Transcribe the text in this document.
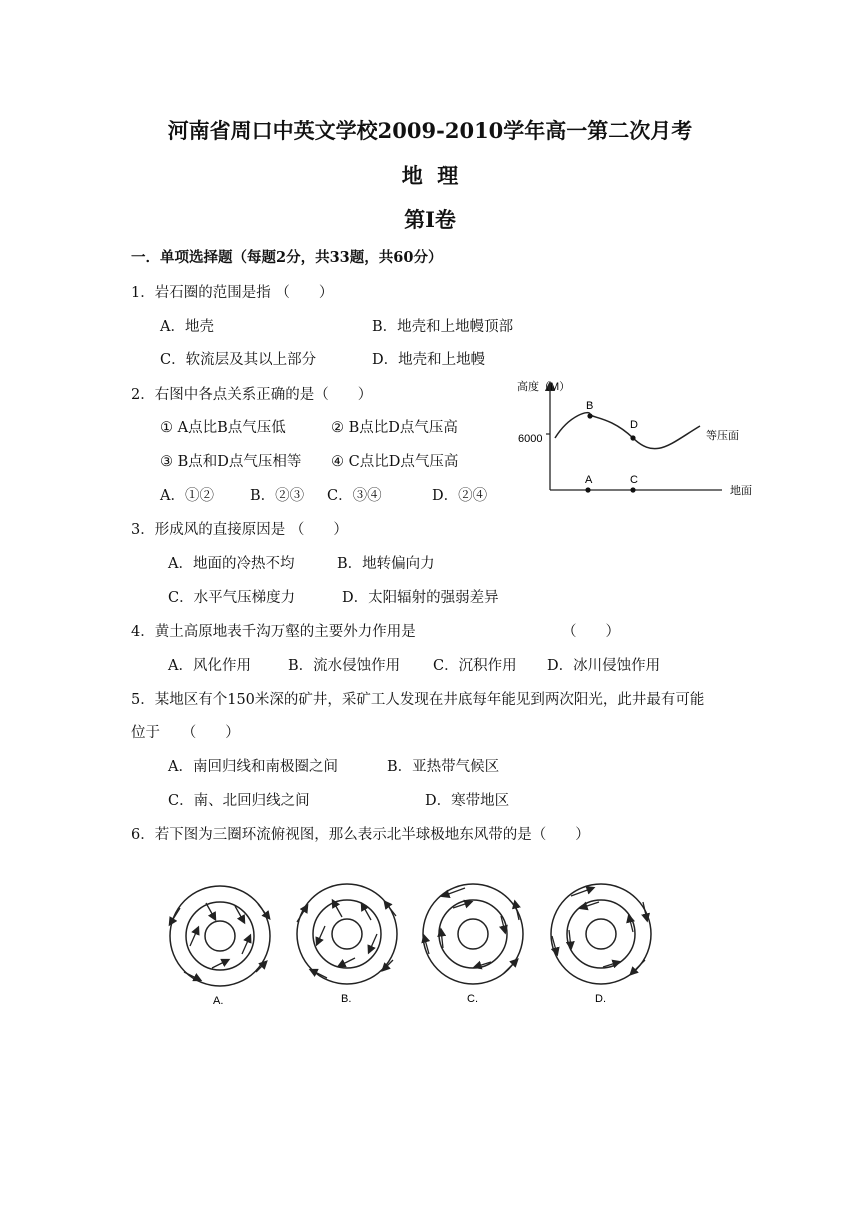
河南省周口中英文学校2009-2010学年高一第二次月考
地  理
第Ⅰ卷
一．单项选择题（每题2分，共33题，共60分）
1．岩石圈的范围是指 （　　）
A．地壳	B．地壳和上地幔顶部
C．软流层及其以上部分	D．地壳和上地幔
2．右图中各点关系正确的是（　　）
① A点比B点气压低	② B点比D点气压高
③ B点和D点气压相等 ④ C点比D点气压高
A．①② B．②③ C．③④	D．②④
高度（M）
6000	等压面
地面
B
D
A	C
3．形成风的直接原因是 （　　）
A．地面的冷热不均	B．地转偏向力
C．水平气压梯度力	D．太阳辐射的强弱差异
4．黄土高原地表千沟万壑的主要外力作用是	（　　）
A．风化作用	B．流水侵蚀作用 C．沉积作用 D．冰川侵蚀作用
5．某地区有个150米深的矿井，采矿工人发现在井底每年能见到两次阳光，此井最有可能
位于　　（　　）
A．南回归线和南极圈之间	B．亚热带气候区
C．南、北回归线之间	D．寒带地区
6．若下图为三圈环流俯视图，那么表示北半球极地东风带的是（　　）
A.	B.	C.	D.
